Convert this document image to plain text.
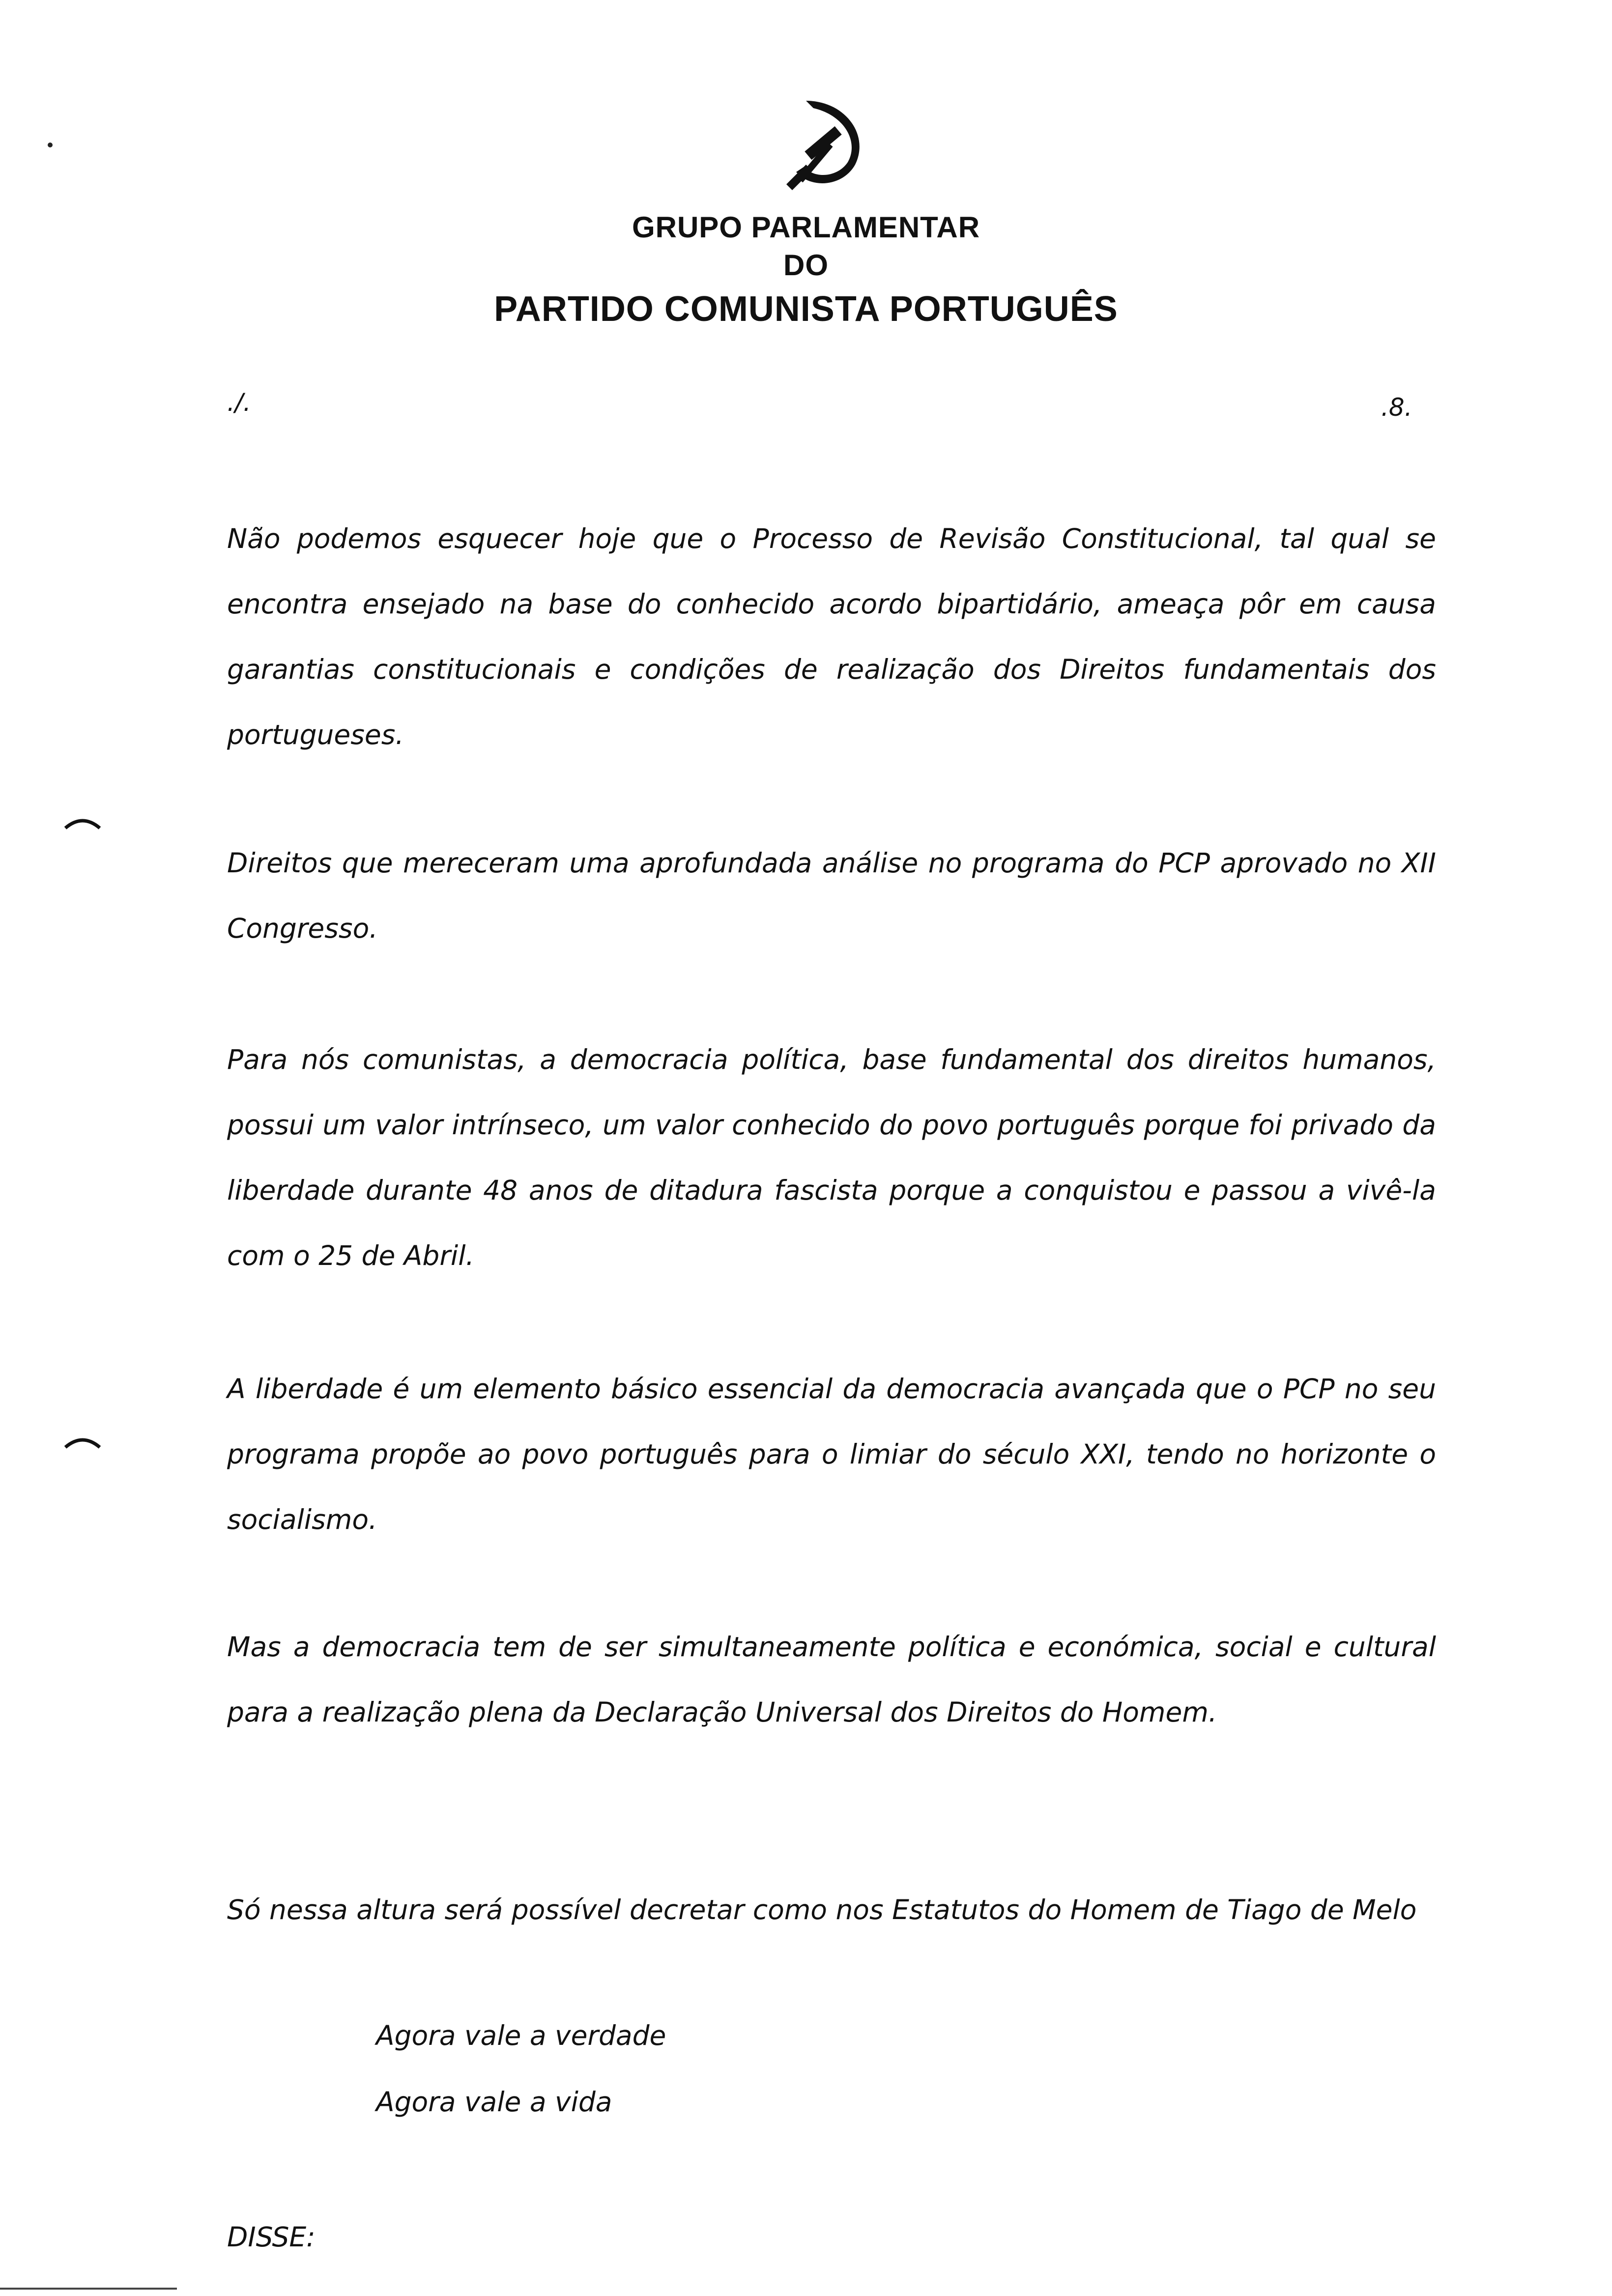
GRUPO PARLAMENTAR
DO
PARTIDO COMUNISTA PORTUGUÊS
./.	.8.

Não podemos esquecer hoje que o Processo de Revisão Constitucional, tal qual se encontra ensejado na base do conhecido acordo bipartidário, ameaça pôr em causa garantias constitucionais e condições de realização dos Direitos fundamentais dos portugueses.

Direitos que mereceram uma aprofundada análise no programa do PCP aprovado no XII Congresso.

Para nós comunistas, a democracia política, base fundamental dos direitos humanos, possui um valor intrínseco, um valor conhecido do povo português porque foi privado da liberdade durante 48 anos de ditadura fascista porque a conquistou e passou a vivê-la com o 25 de Abril.

A liberdade é um elemento básico essencial da democracia avançada que o PCP no seu programa propõe ao povo português para o limiar do século XXI, tendo no horizonte o socialismo.

Mas a democracia tem de ser simultaneamente política e económica, social e cultural para a realização plena da Declaração Universal dos Direitos do Homem.

Só nessa altura será possível decretar como nos Estatutos do Homem de Tiago de Melo

Agora vale a verdade
Agora vale a vida
DISSE:
